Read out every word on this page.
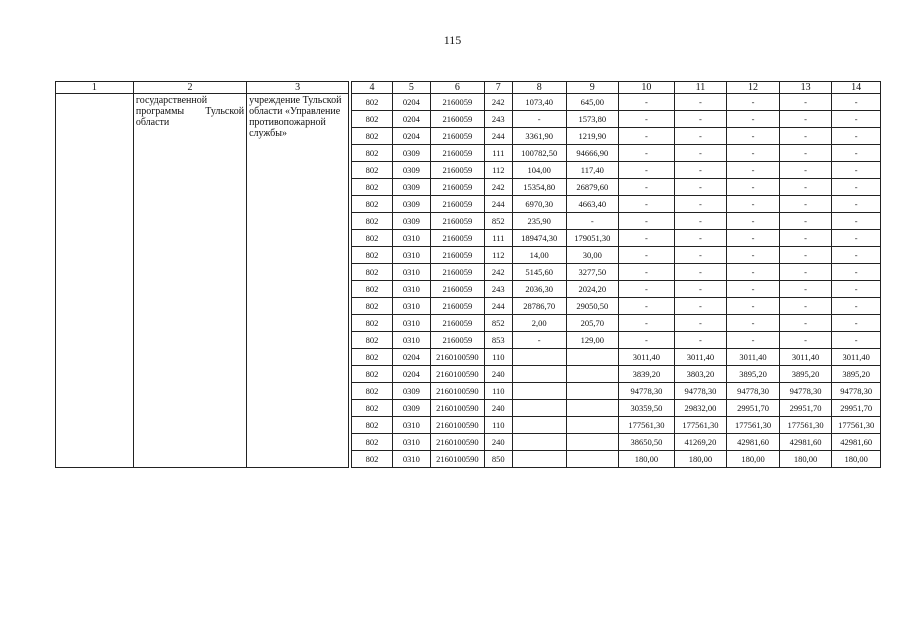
115
1	2	3		4	5	6	7	8	9	10	11	12	13	14
	государственной программы Тульской области	учреждение Тульской области «Управление противопожарной службы»		802	0204	2160059	242	1073,40	645,00	-	-	-	-	-
				802	0204	2160059	243	-	1573,80	-	-	-	-	-
				802	0204	2160059	244	3361,90	1219,90	-	-	-	-	-
				802	0309	2160059	111	100782,50	94666,90	-	-	-	-	-
				802	0309	2160059	112	104,00	117,40	-	-	-	-	-
				802	0309	2160059	242	15354,80	26879,60	-	-	-	-	-
				802	0309	2160059	244	6970,30	4663,40	-	-	-	-	-
				802	0309	2160059	852	235,90	-	-	-	-	-	-
				802	0310	2160059	111	189474,30	179051,30	-	-	-	-	-
				802	0310	2160059	112	14,00	30,00	-	-	-	-	-
				802	0310	2160059	242	5145,60	3277,50	-	-	-	-	-
				802	0310	2160059	243	2036,30	2024,20	-	-	-	-	-
				802	0310	2160059	244	28786,70	29050,50	-	-	-	-	-
				802	0310	2160059	852	2,00	205,70	-	-	-	-	-
				802	0310	2160059	853	-	129,00	-	-	-	-	-
				802	0204	2160100590	110			3011,40	3011,40	3011,40	3011,40	3011,40
				802	0204	2160100590	240			3839,20	3803,20	3895,20	3895,20	3895,20
				802	0309	2160100590	110			94778,30	94778,30	94778,30	94778,30	94778,30
				802	0309	2160100590	240			30359,50	29832,00	29951,70	29951,70	29951,70
				802	0310	2160100590	110			177561,30	177561,30	177561,30	177561,30	177561,30
				802	0310	2160100590	240			38650,50	41269,20	42981,60	42981,60	42981,60
				802	0310	2160100590	850			180,00	180,00	180,00	180,00	180,00
